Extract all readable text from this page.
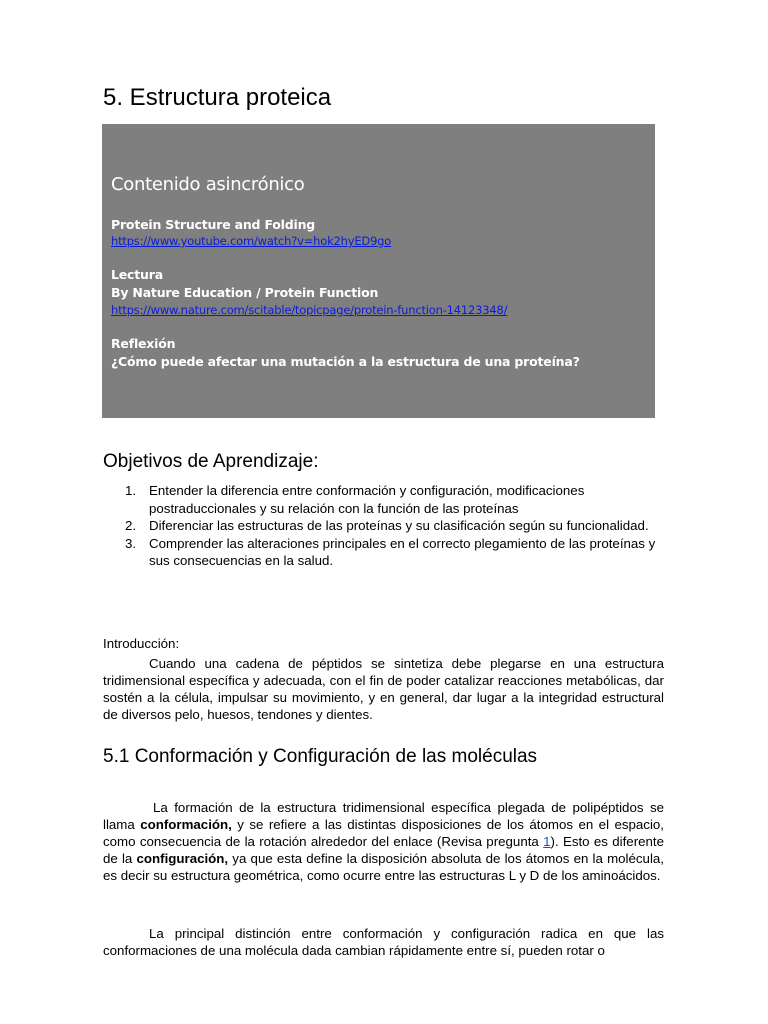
5. Estructura proteica
Contenido asincrónico
Protein Structure and Folding
https://www.youtube.com/watch?v=hok2hyED9go
Lectura
By Nature Education / Protein Function
https://www.nature.com/scitable/topicpage/protein-function-14123348/
Reflexión
¿Cómo puede afectar una mutación a la estructura de una proteína?
Objetivos de Aprendizaje:
1. Entender la diferencia entre conformación y configuración, modificaciones postraduccionales y su relación con la función de las proteínas
2. Diferenciar las estructuras de las proteínas y su clasificación según su funcionalidad.
3. Comprender las alteraciones principales en el correcto plegamiento de las proteínas y sus consecuencias en la salud.
Introducción:

Cuando una cadena de péptidos se sintetiza debe plegarse en una estructura tridimensional específica y adecuada, con el fin de poder catalizar reacciones metabólicas, dar sostén a la célula, impulsar su movimiento, y en general, dar lugar a la integridad estructural de diversos pelo, huesos, tendones y dientes.

5.1 Conformación y Configuración de las moléculas

La formación de la estructura tridimensional específica plegada de polipéptidos se llama conformación, y se refiere a las distintas disposiciones de los átomos en el espacio, como consecuencia de la rotación alrededor del enlace (Revisa pregunta 1). Esto es diferente de la configuración, ya que esta define la disposición absoluta de los átomos en la molécula, es decir su estructura geométrica, como ocurre entre las estructuras L y D de los aminoácidos.

La principal distinción entre conformación y configuración radica en que las conformaciones de una molécula dada cambian rápidamente entre sí, pueden rotar o
